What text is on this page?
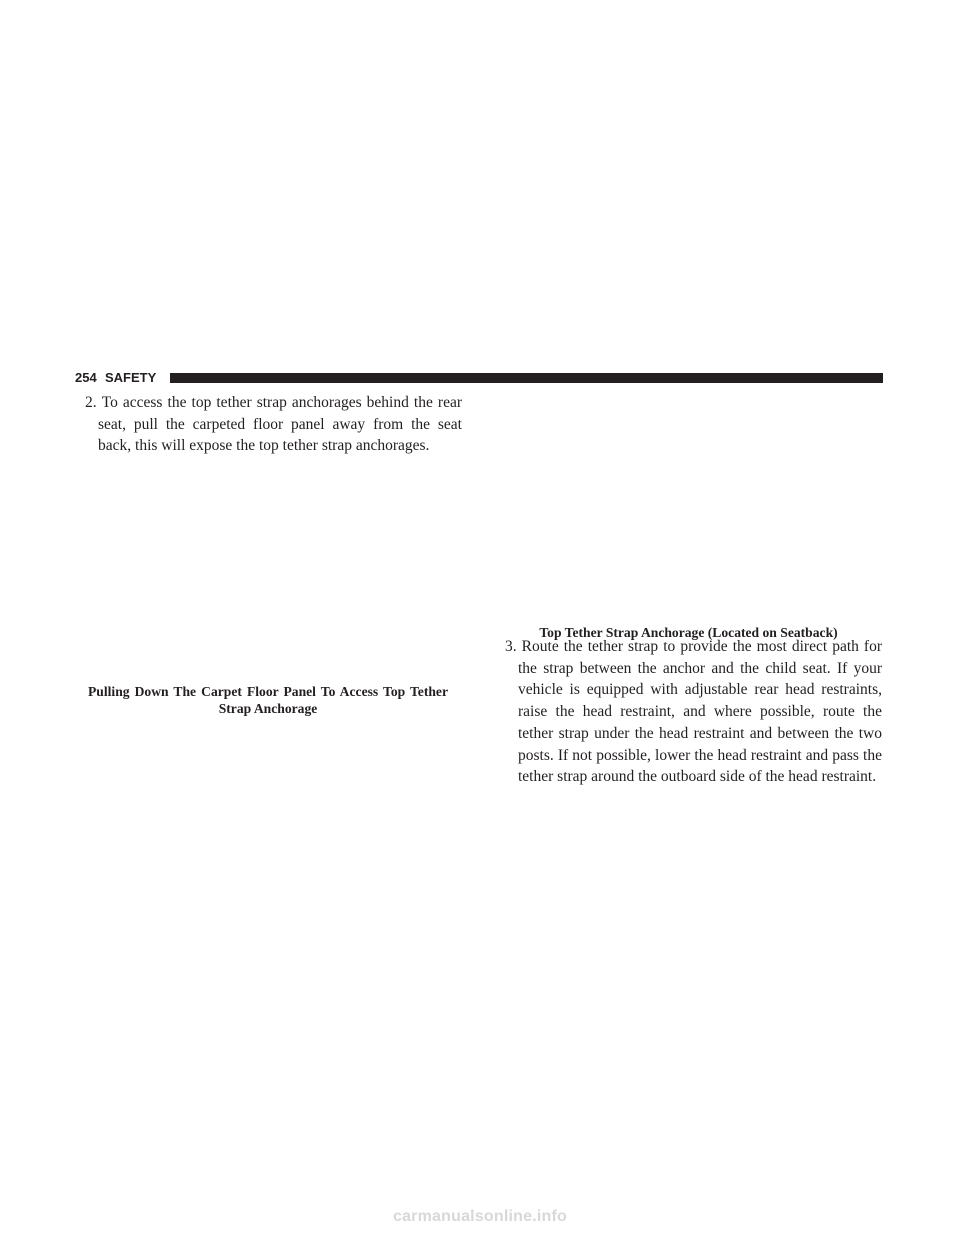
254 SAFETY
2. To access the top tether strap anchorages behind the rear seat, pull the carpeted floor panel away from the seat back, this will expose the top tether strap anchorages.

Pulling Down The Carpet Floor Panel To Access Top Tether Strap Anchorage

Top Tether Strap Anchorage (Located on Seatback)

3. Route the tether strap to provide the most direct path for the strap between the anchor and the child seat. If your vehicle is equipped with adjustable rear head restraints, raise the head restraint, and where possible, route the tether strap under the head restraint and between the two posts. If not possible, lower the head restraint and pass the tether strap around the outboard side of the head restraint.
carmanualsonline.info
